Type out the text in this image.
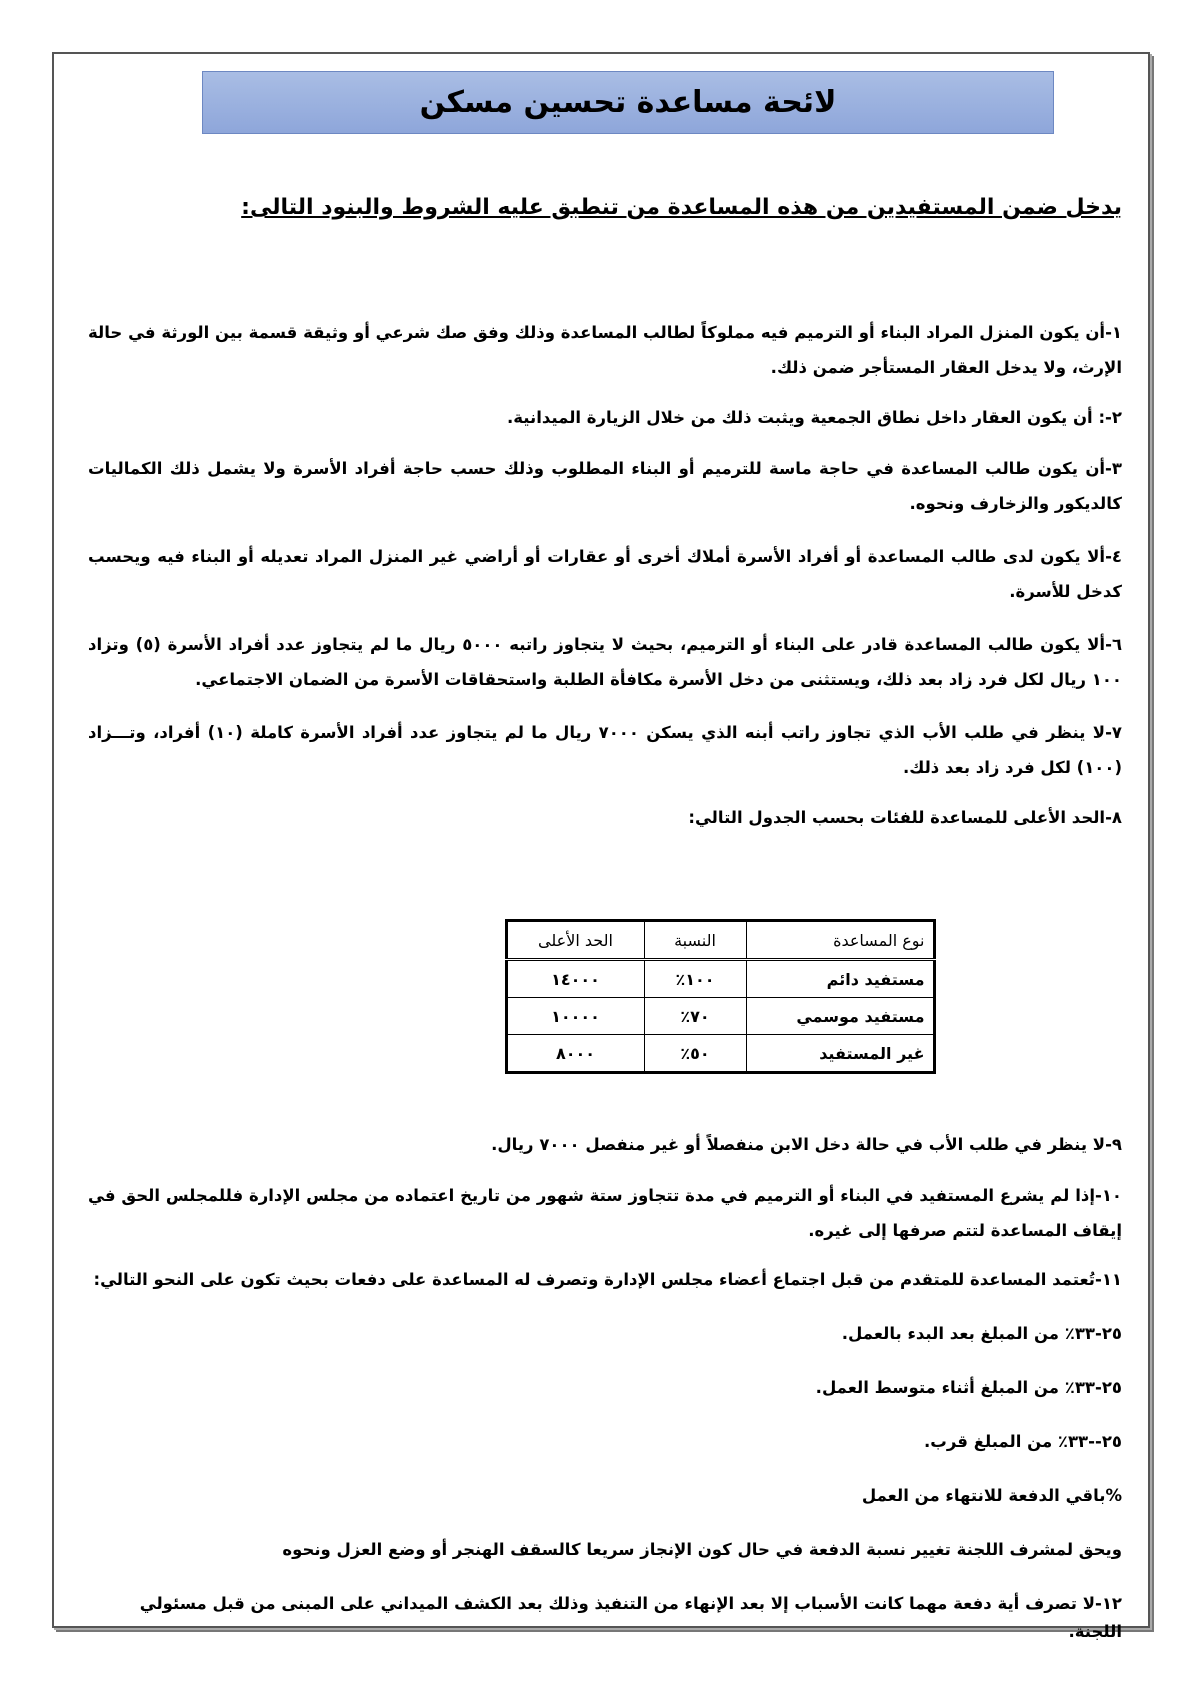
لائحة مساعدة تحسين مسكن

يدخل ضمن المستفيدين من هذه المساعدة من تنطبق عليه الشروط والبنود التالى:

١-أن يكون المنزل المراد البناء أو الترميم فيه مملوكاً لطالب المساعدة وذلك وفق صك شرعي أو وثيقة قسمة بين الورثة في حالة الإرث، ولا يدخل العقار المستأجر ضمن ذلك.

٢-: أن يكون العقار داخل نطاق الجمعية ويثبت ذلك من خلال الزيارة الميدانية.

٣-أن يكون طالب المساعدة في حاجة ماسة للترميم أو البناء المطلوب وذلك حسب حاجة أفراد الأسرة ولا يشمل ذلك الكماليات كالديكور والزخارف ونحوه.

٤-ألا يكون لدى طالب المساعدة أو أفراد الأسرة أملاك أخرى أو عقارات أو أراضي غير المنزل المراد تعديله أو البناء فيه ويحسب كدخل للأسرة.

٦-ألا يكون طالب المساعدة قادر على البناء أو الترميم، بحيث لا يتجاوز راتبه ٥٠٠٠ ريال ما لم يتجاوز عدد أفراد الأسرة (٥) وتزاد ١٠٠ ريال لكل فرد زاد بعد ذلك، ويستثنى من دخل الأسرة مكافأة الطلبة واستحقاقات الأسرة من الضمان الاجتماعي.

٧-لا ينظر في طلب الأب الذي تجاوز راتب أبنه الذي يسكن ٧٠٠٠ ريال ما لم يتجاوز عدد أفراد الأسرة كاملة (١٠) أفراد، وتـــزاد (١٠٠) لكل فرد زاد بعد ذلك.

٨-الحد الأعلى للمساعدة للفئات بحسب الجدول التالي:

نوع المساعدة	النسبة	الحد الأعلى
مستفيد دائم	١٠٠٪	١٤٠٠٠
مستفيد موسمي	٧٠٪	١٠٠٠٠
غير المستفيد	٥٠٪	٨٠٠٠

٩-لا ينظر في طلب الأب في حالة دخل الابن منفصلاً أو غير منفصل ٧٠٠٠ ريال.

١٠-إذا لم يشرع المستفيد في البناء أو الترميم في مدة تتجاوز ستة شهور من تاريخ اعتماده من مجلس الإدارة فللمجلس الحق في إيقاف المساعدة لتتم صرفها إلى غيره.

١١-تُعتمد المساعدة للمتقدم من قبل اجتماع أعضاء مجلس الإدارة وتصرف له المساعدة على دفعات بحيث تكون على النحو التالي:

٢٥-٣٣٪ من المبلغ بعد البدء بالعمل.

٢٥-٣٣٪ من المبلغ أثناء متوسط العمل.

٢٥--٣٣٪ من المبلغ قرب.

%باقي الدفعة للانتهاء من العمل

ويحق لمشرف اللجنة تغيير نسبة الدفعة في حال كون الإنجاز سريعا كالسقف الهنجر أو وضع العزل ونحوه

١٢-لا تصرف أية دفعة مهما كانت الأسباب إلا بعد الإنهاء من التنفيذ وذلك بعد الكشف الميداني على المبنى من قبل مسئولي اللجنة.
